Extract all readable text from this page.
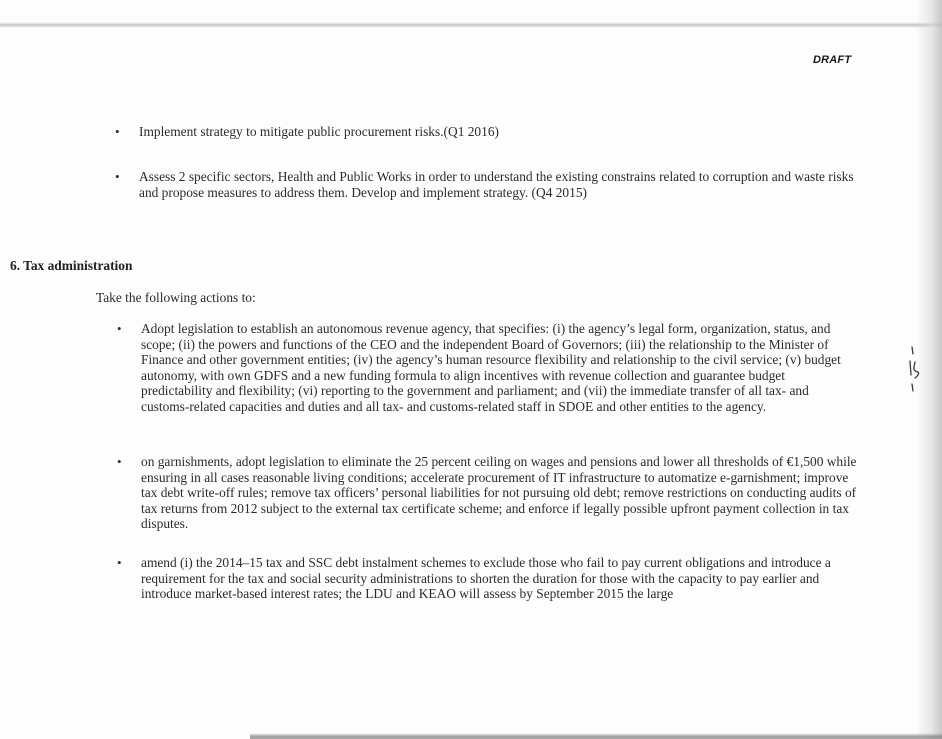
DRAFT
• Implement strategy to mitigate public procurement risks.(Q1 2016)
• Assess 2 specific sectors, Health and Public Works in order to understand the existing constrains related to corruption and waste risks and propose measures to address them. Develop and implement strategy. (Q4 2015)
6. Tax administration
Take the following actions to:
• Adopt legislation to establish an autonomous revenue agency, that specifies: (i) the agency’s legal form, organization, status, and scope; (ii) the powers and functions of the CEO and the independent Board of Governors; (iii) the relationship to the Minister of Finance and other government entities; (iv) the agency’s human resource flexibility and relationship to the civil service; (v) budget autonomy, with own GDFS and a new funding formula to align incentives with revenue collection and guarantee budget predictability and flexibility; (vi) reporting to the government and parliament; and (vii) the immediate transfer of all tax- and customs-related capacities and duties and all tax- and customs-related staff in SDOE and other entities to the agency.
• on garnishments, adopt legislation to eliminate the 25 percent ceiling on wages and pensions and lower all thresholds of €1,500 while ensuring in all cases reasonable living conditions; accelerate procurement of IT infrastructure to automatize e-garnishment; improve tax debt write-off rules; remove tax officers’ personal liabilities for not pursuing old debt; remove restrictions on conducting audits of tax returns from 2012 subject to the external tax certificate scheme; and enforce if legally possible upfront payment collection in tax disputes.
• amend (i) the 2014–15 tax and SSC debt instalment schemes to exclude those who fail to pay current obligations and introduce a requirement for the tax and social security administrations to shorten the duration for those with the capacity to pay earlier and introduce market-based interest rates; the LDU and KEAO will assess by September 2015 the large
